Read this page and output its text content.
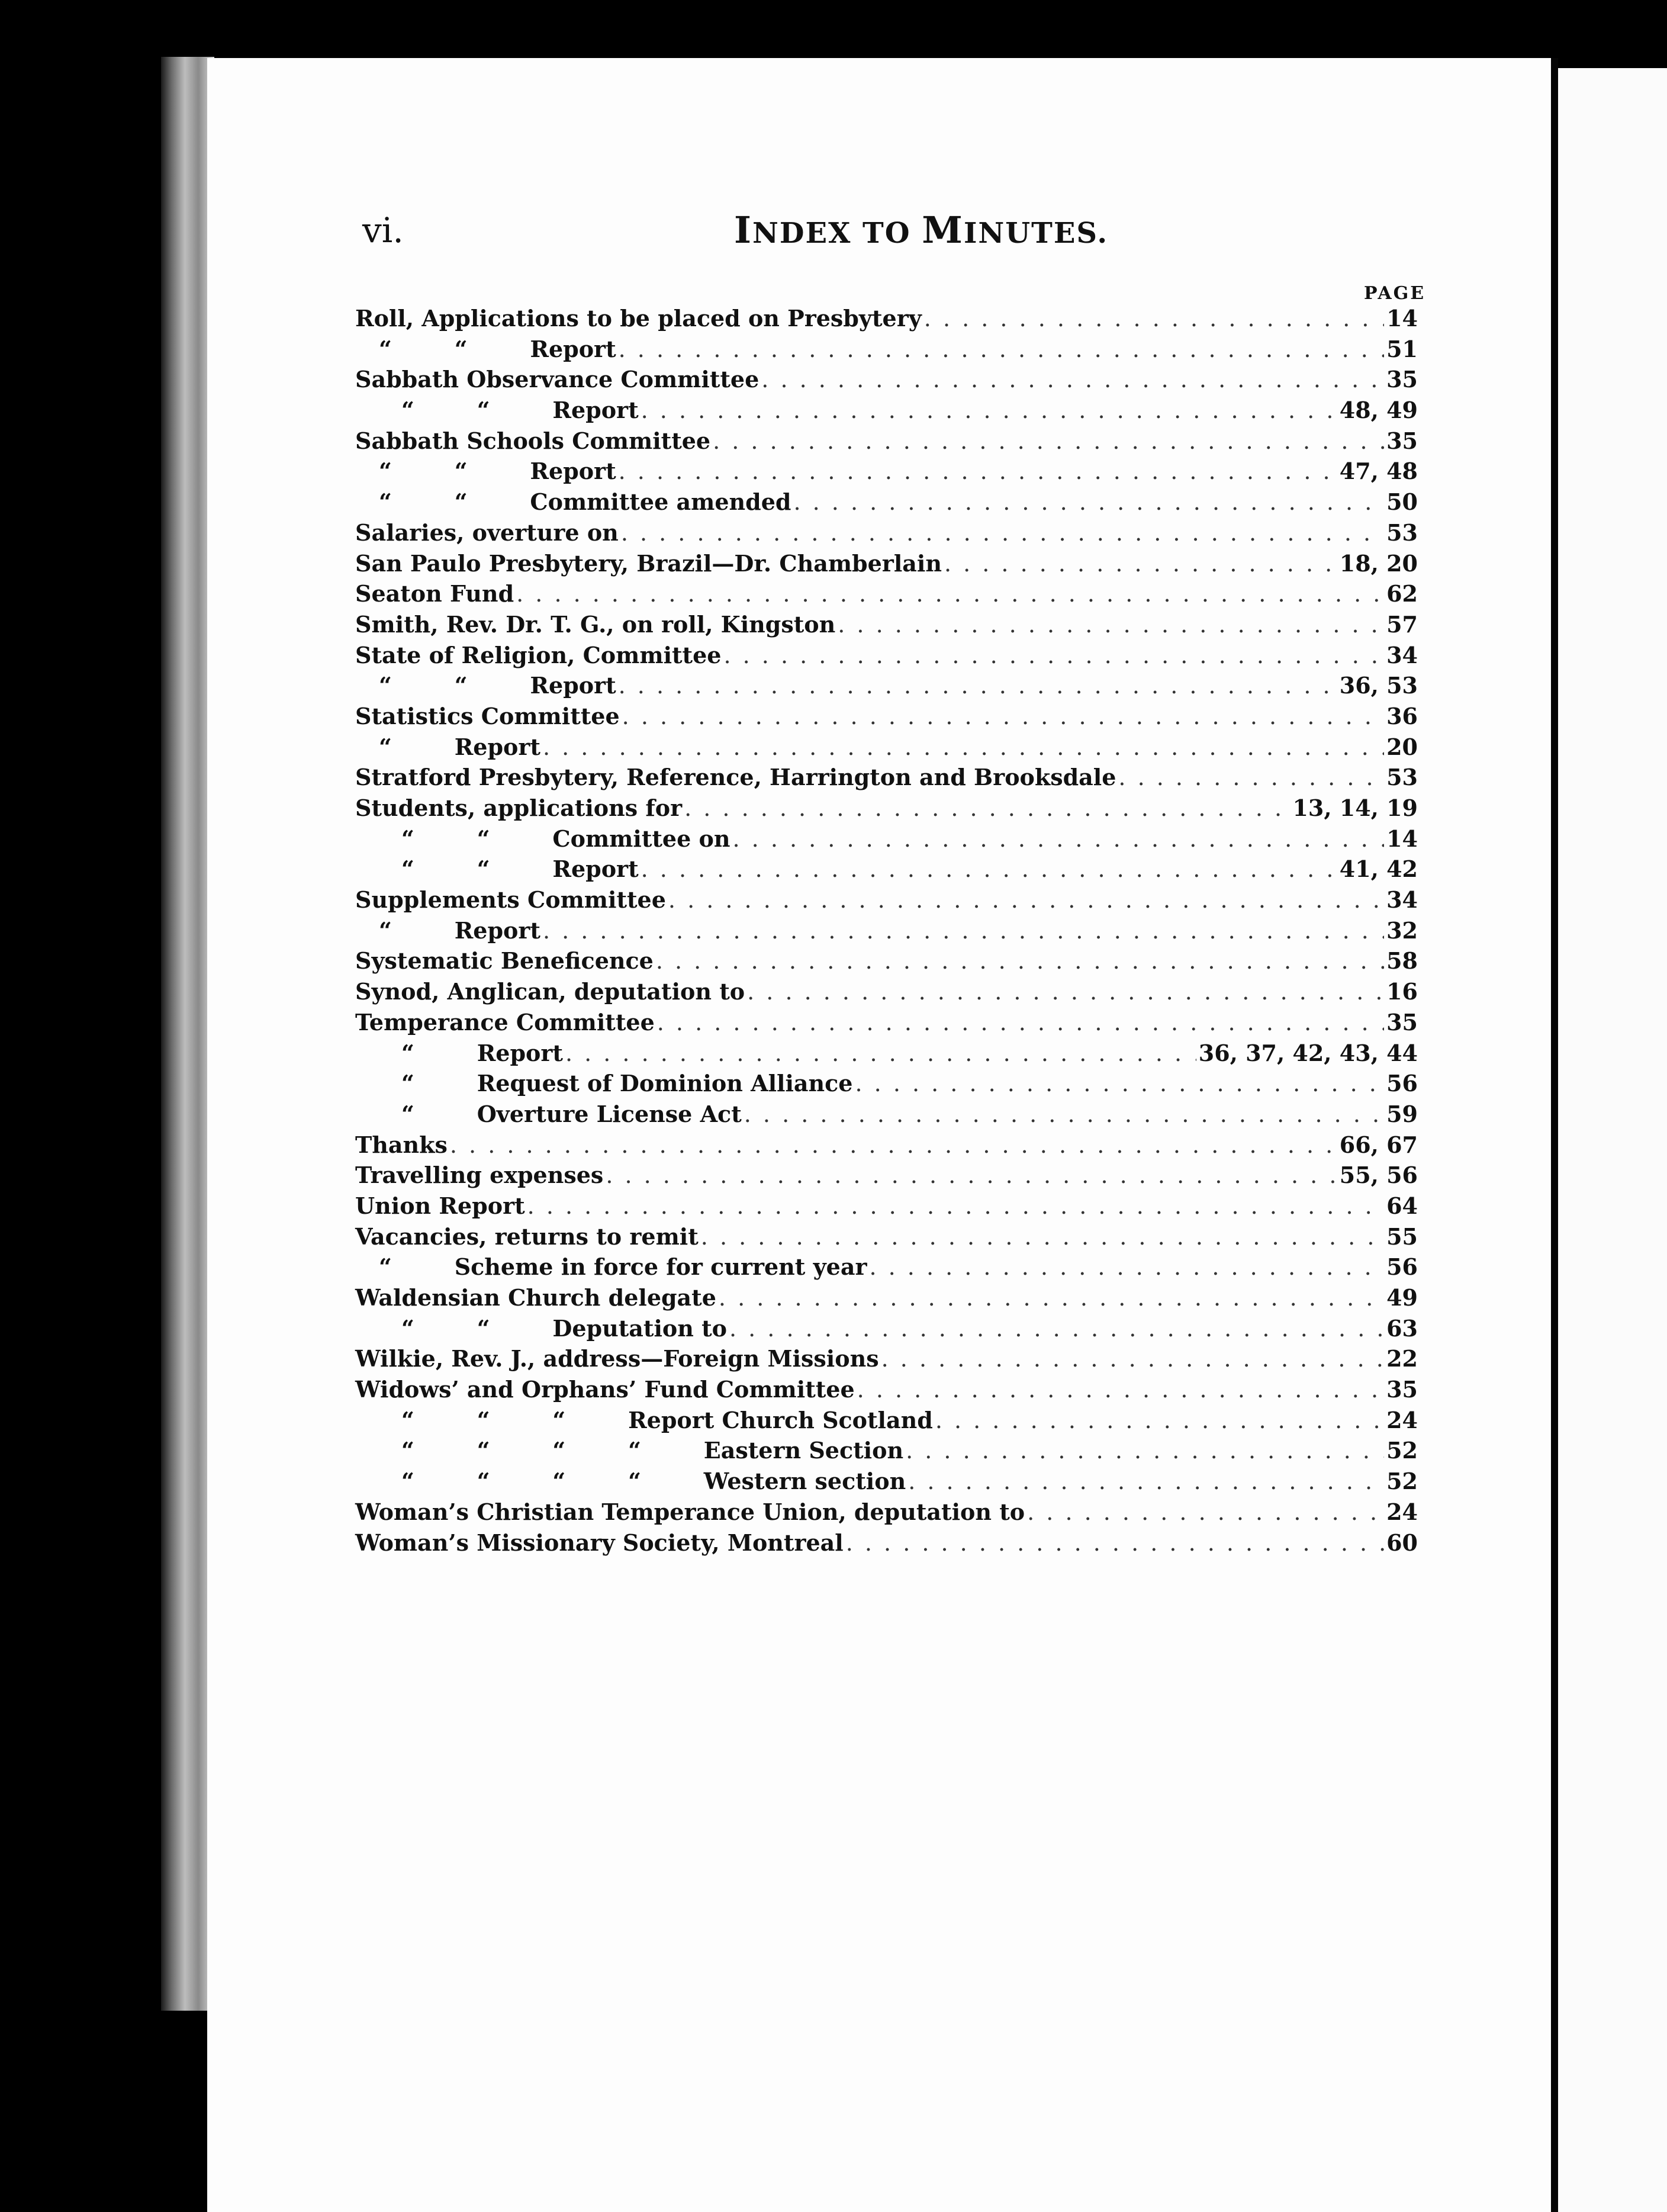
vi.	INDEX TO MINUTES.
PAGE
Roll, Applications to be placed on Presbytery . . .	14
“        “        Report . . .	51
Sabbath Observance Committee . . .	35
“        “        Report . . .	48, 49
Sabbath Schools Committee . . .	35
“        “        Report . . .	47, 48
“        “        Committee amended . . .	50
Salaries, overture on . . .	53
San Paulo Presbytery, Brazil—Dr. Chamberlain . . .	18, 20
Seaton Fund . . .	62
Smith, Rev. Dr. T. G., on roll, Kingston . . .	57
State of Religion, Committee . . .	34
“        “        Report . . .	36, 53
Statistics Committee . . .	36
“        Report . . .	20
Stratford Presbytery, Reference, Harrington and Brooksdale . . .	53
Students, applications for . . .	13, 14, 19
“        “        Committee on . . .	14
“        “        Report . . .	41, 42
Supplements Committee . . .	34
“        Report . . .	32
Systematic Beneficence . . .	58
Synod, Anglican, deputation to . . .	16
Temperance Committee . . .	35
“        Report . . .	36, 37, 42, 43, 44
“        Request of Dominion Alliance . . .	56
“        Overture License Act . . .	59
Thanks . . .	66, 67
Travelling expenses . . .	55, 56
Union Report . . .	64
Vacancies, returns to remit . . .	55
“        Scheme in force for current year . . .	56
Waldensian Church delegate . . .	49
“        “        Deputation to . . .	63
Wilkie, Rev. J., address—Foreign Missions . . .	22
Widows’ and Orphans’ Fund Committee . . .	35
“        “        “        Report Church Scotland . . .	24
“        “        “        “        Eastern Section . . .	52
“        “        “        “        Western section . . .	52
Woman’s Christian Temperance Union, deputation to . . .	24
Woman’s Missionary Society, Montreal . . .	60
